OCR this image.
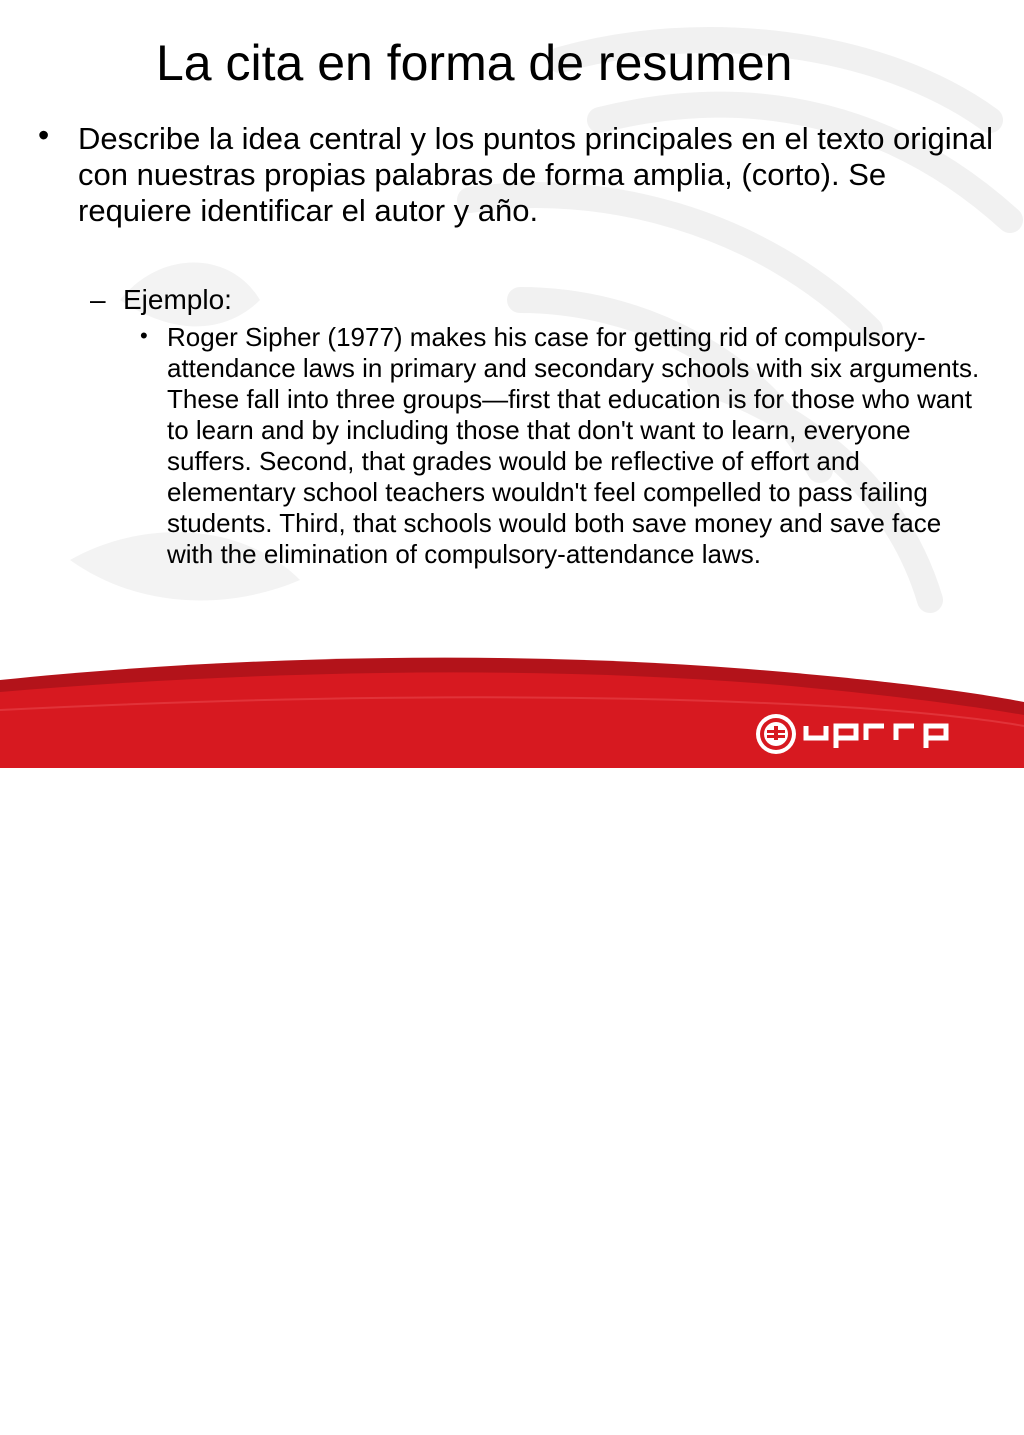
La cita en forma de resumen
• Describe la idea central y los puntos principales en el texto original con nuestras propias palabras de forma amplia, (corto). Se requiere identificar el autor y año.

– Ejemplo:

• Roger Sipher (1977) makes his case for getting rid of compulsory-attendance laws in primary and secondary schools with six arguments. These fall into three groups—first that education is for those who want to learn and by including those that don't want to learn, everyone suffers. Second, that grades would be reflective of effort and elementary school teachers wouldn't feel compelled to pass failing students. Third, that schools would both save money and save face with the elimination of compulsory-attendance laws.

LA IUPI
